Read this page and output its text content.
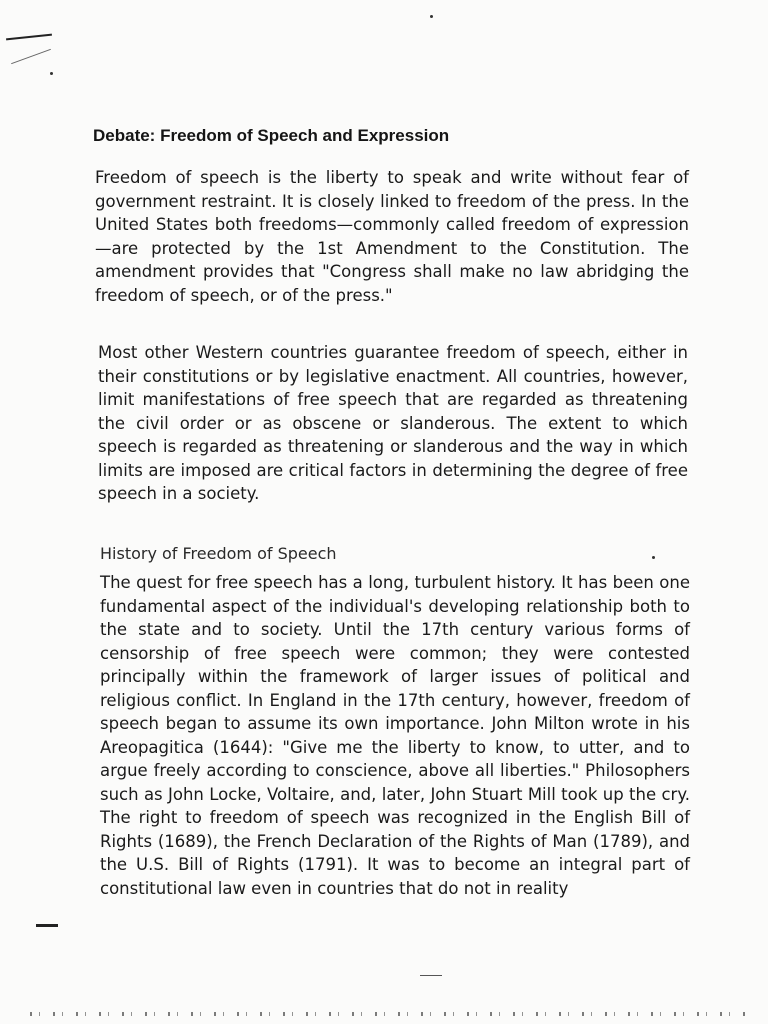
Debate: Freedom of Speech and Expression

Freedom of speech is the liberty to speak and write without fear of government restraint. It is closely linked to freedom of the press. In the United States both freedoms—commonly called freedom of expression—are protected by the 1st Amendment to the Constitution. The amendment provides that "Congress shall make no law abridging the freedom of speech, or of the press."

Most other Western countries guarantee freedom of speech, either in their constitutions or by legislative enactment. All countries, however, limit manifestations of free speech that are regarded as threatening the civil order or as obscene or slanderous. The extent to which speech is regarded as threatening or slanderous and the way in which limits are imposed are critical factors in determining the degree of free speech in a society.

History of Freedom of Speech

The quest for free speech has a long, turbulent history. It has been one fundamental aspect of the individual's developing relationship both to the state and to society. Until the 17th century various forms of censorship of free speech were common; they were contested principally within the framework of larger issues of political and religious conflict. In England in the 17th century, however, freedom of speech began to assume its own importance. John Milton wrote in his Areopagitica (1644): "Give me the liberty to know, to utter, and to argue freely according to conscience, above all liberties." Philosophers such as John Locke, Voltaire, and, later, John Stuart Mill took up the cry. The right to freedom of speech was recognized in the English Bill of Rights (1689), the French Declaration of the Rights of Man (1789), and the U.S. Bill of Rights (1791). It was to become an integral part of constitutional law even in countries that do not in reality
